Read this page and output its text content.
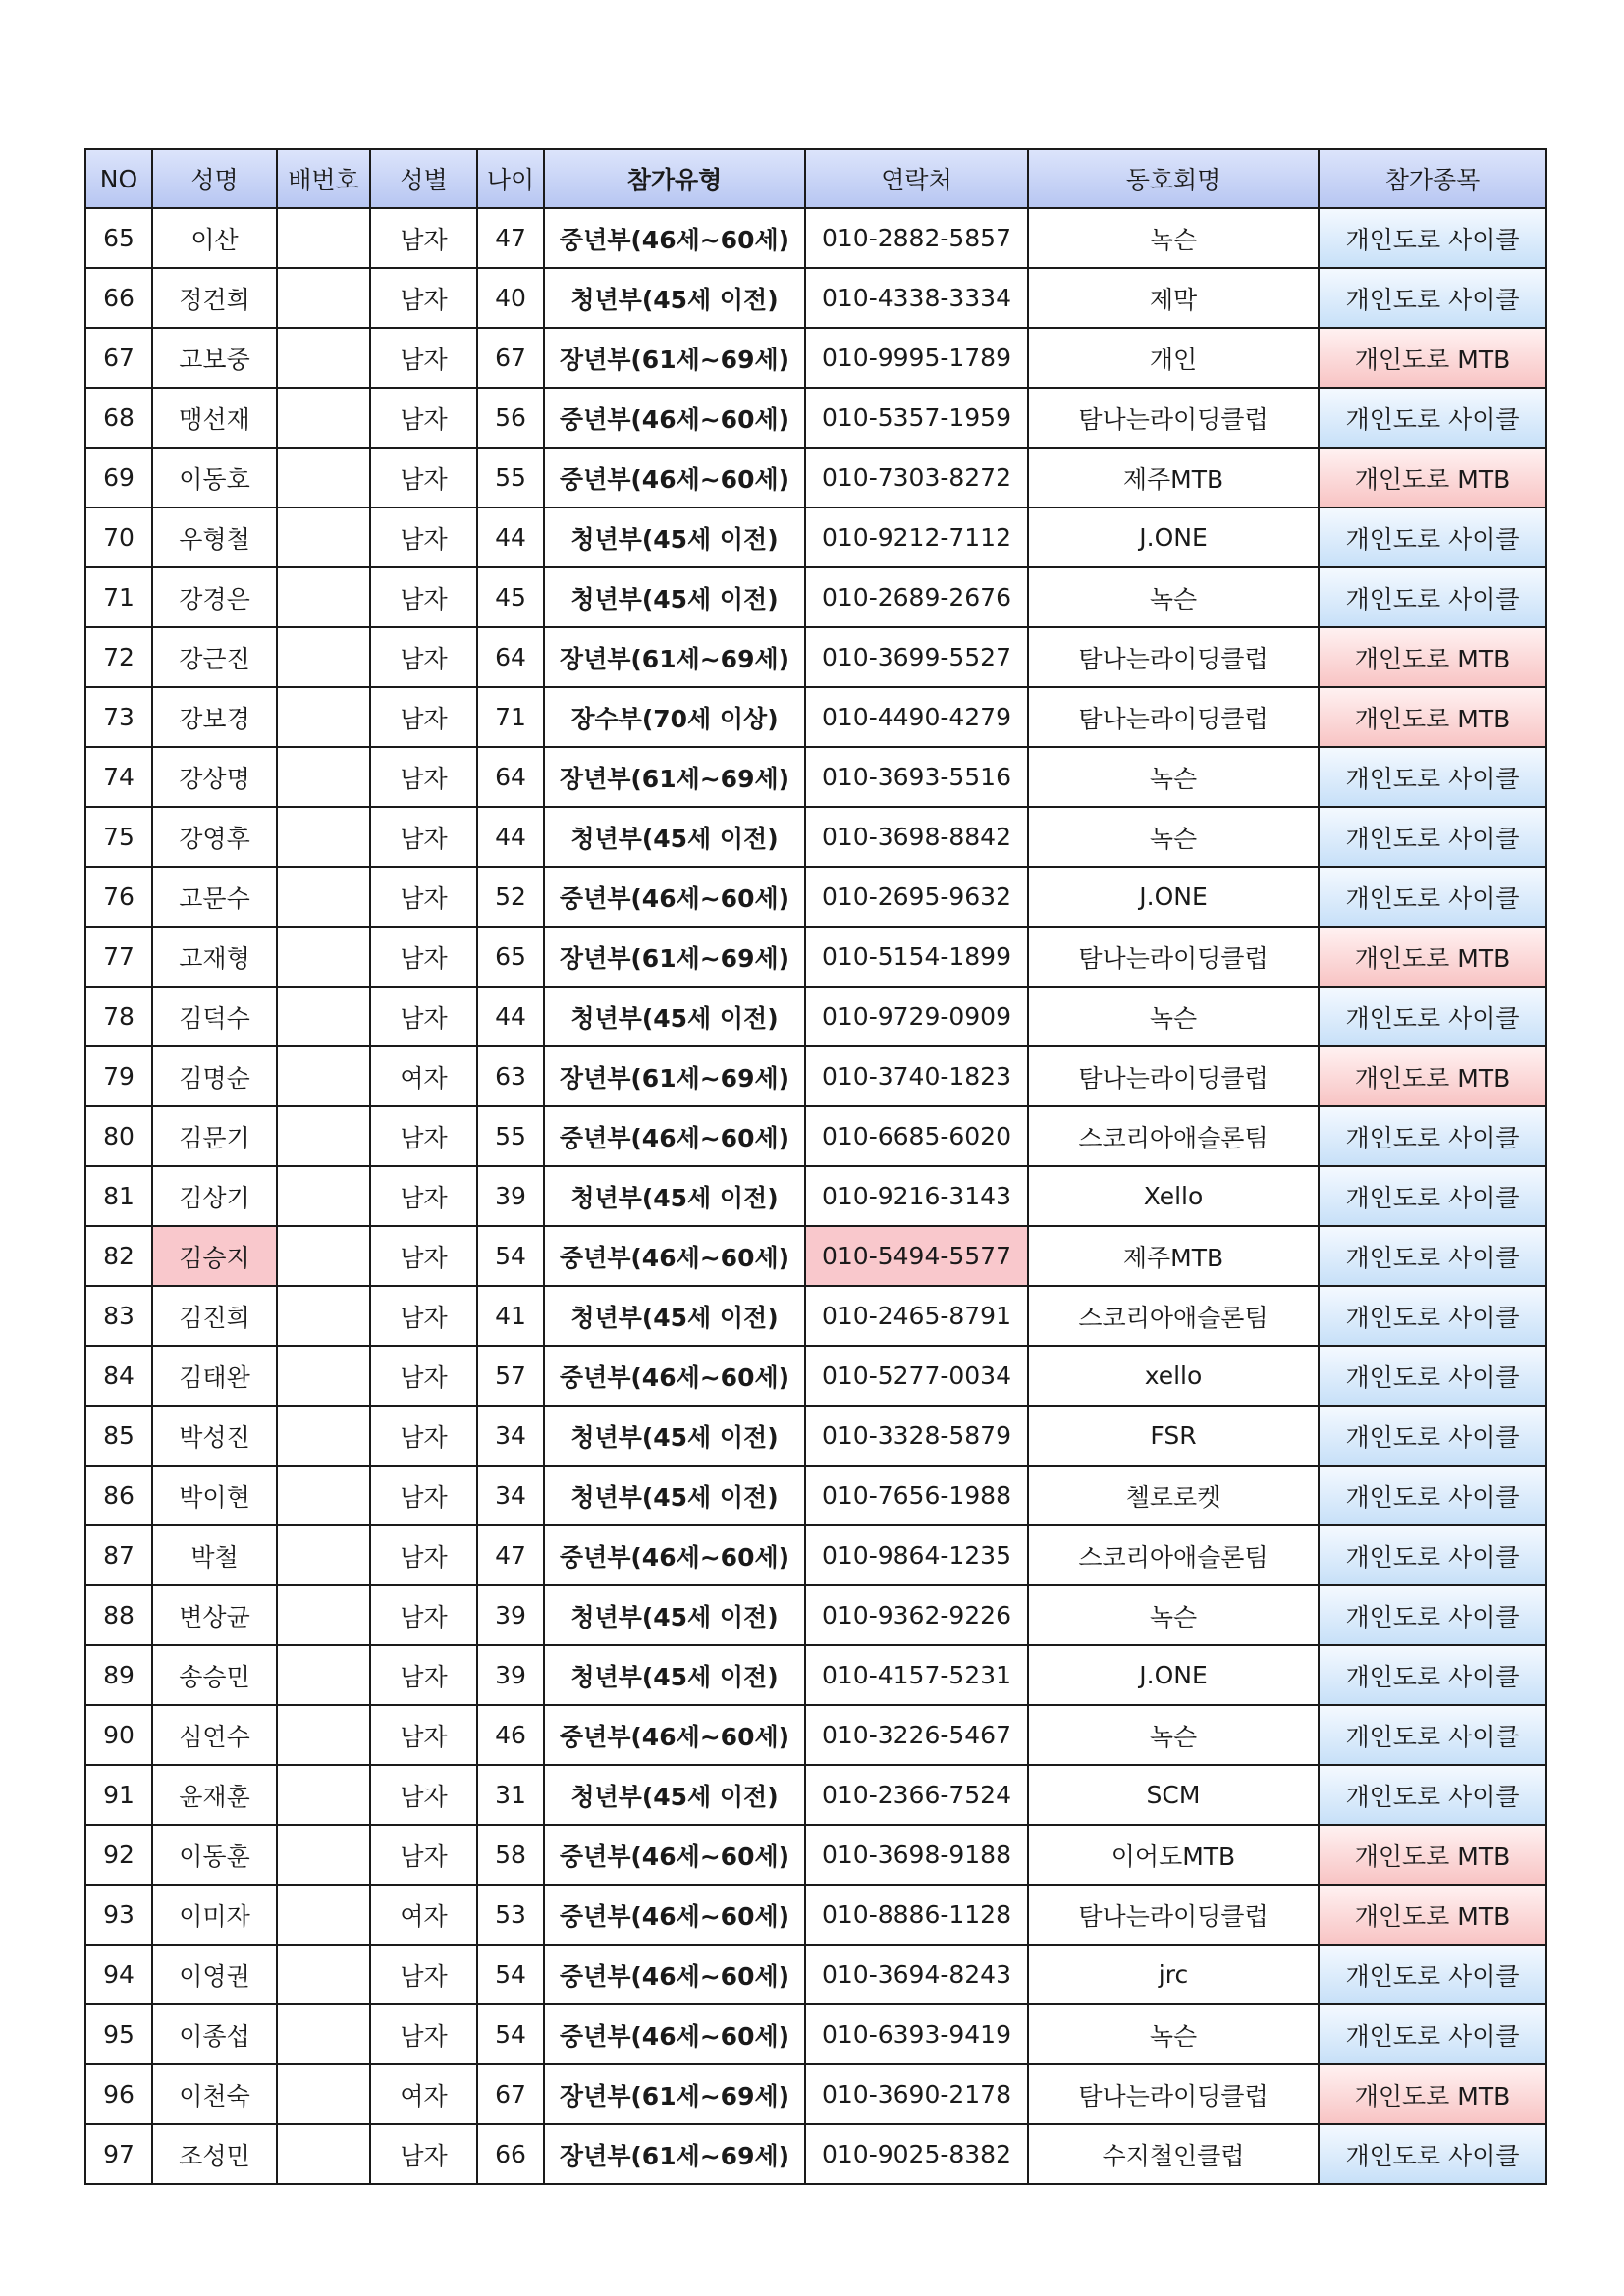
NO	성명	배번호	성별	나이	참가유형	연락처	동호회명	참가종목
65	이산		남자	47	중년부(46세~60세)	010-2882-5857	녹슨	개인도로 사이클
66	정건희		남자	40	청년부(45세 이전)	010-4338-3334	제막	개인도로 사이클
67	고보중		남자	67	장년부(61세~69세)	010-9995-1789	개인	개인도로 MTB
68	맹선재		남자	56	중년부(46세~60세)	010-5357-1959	탐나는라이딩클럽	개인도로 사이클
69	이동호		남자	55	중년부(46세~60세)	010-7303-8272	제주MTB	개인도로 MTB
70	우형철		남자	44	청년부(45세 이전)	010-9212-7112	J.ONE	개인도로 사이클
71	강경은		남자	45	청년부(45세 이전)	010-2689-2676	녹슨	개인도로 사이클
72	강근진		남자	64	장년부(61세~69세)	010-3699-5527	탐나는라이딩클럽	개인도로 MTB
73	강보경		남자	71	장수부(70세 이상)	010-4490-4279	탐나는라이딩클럽	개인도로 MTB
74	강상명		남자	64	장년부(61세~69세)	010-3693-5516	녹슨	개인도로 사이클
75	강영후		남자	44	청년부(45세 이전)	010-3698-8842	녹슨	개인도로 사이클
76	고문수		남자	52	중년부(46세~60세)	010-2695-9632	J.ONE	개인도로 사이클
77	고재형		남자	65	장년부(61세~69세)	010-5154-1899	탐나는라이딩클럽	개인도로 MTB
78	김덕수		남자	44	청년부(45세 이전)	010-9729-0909	녹슨	개인도로 사이클
79	김명순		여자	63	장년부(61세~69세)	010-3740-1823	탐나는라이딩클럽	개인도로 MTB
80	김문기		남자	55	중년부(46세~60세)	010-6685-6020	스코리아애슬론팀	개인도로 사이클
81	김상기		남자	39	청년부(45세 이전)	010-9216-3143	Xello	개인도로 사이클
82	김승지		남자	54	중년부(46세~60세)	010-5494-5577	제주MTB	개인도로 사이클
83	김진희		남자	41	청년부(45세 이전)	010-2465-8791	스코리아애슬론팀	개인도로 사이클
84	김태완		남자	57	중년부(46세~60세)	010-5277-0034	xello	개인도로 사이클
85	박성진		남자	34	청년부(45세 이전)	010-3328-5879	FSR	개인도로 사이클
86	박이현		남자	34	청년부(45세 이전)	010-7656-1988	첼로로켓	개인도로 사이클
87	박철		남자	47	중년부(46세~60세)	010-9864-1235	스코리아애슬론팀	개인도로 사이클
88	변상균		남자	39	청년부(45세 이전)	010-9362-9226	녹슨	개인도로 사이클
89	송승민		남자	39	청년부(45세 이전)	010-4157-5231	J.ONE	개인도로 사이클
90	심연수		남자	46	중년부(46세~60세)	010-3226-5467	녹슨	개인도로 사이클
91	윤재훈		남자	31	청년부(45세 이전)	010-2366-7524	SCM	개인도로 사이클
92	이동훈		남자	58	중년부(46세~60세)	010-3698-9188	이어도MTB	개인도로 MTB
93	이미자		여자	53	중년부(46세~60세)	010-8886-1128	탐나는라이딩클럽	개인도로 MTB
94	이영권		남자	54	중년부(46세~60세)	010-3694-8243	jrc	개인도로 사이클
95	이종섭		남자	54	중년부(46세~60세)	010-6393-9419	녹슨	개인도로 사이클
96	이천숙		여자	67	장년부(61세~69세)	010-3690-2178	탐나는라이딩클럽	개인도로 MTB
97	조성민		남자	66	장년부(61세~69세)	010-9025-8382	수지철인클럽	개인도로 사이클
